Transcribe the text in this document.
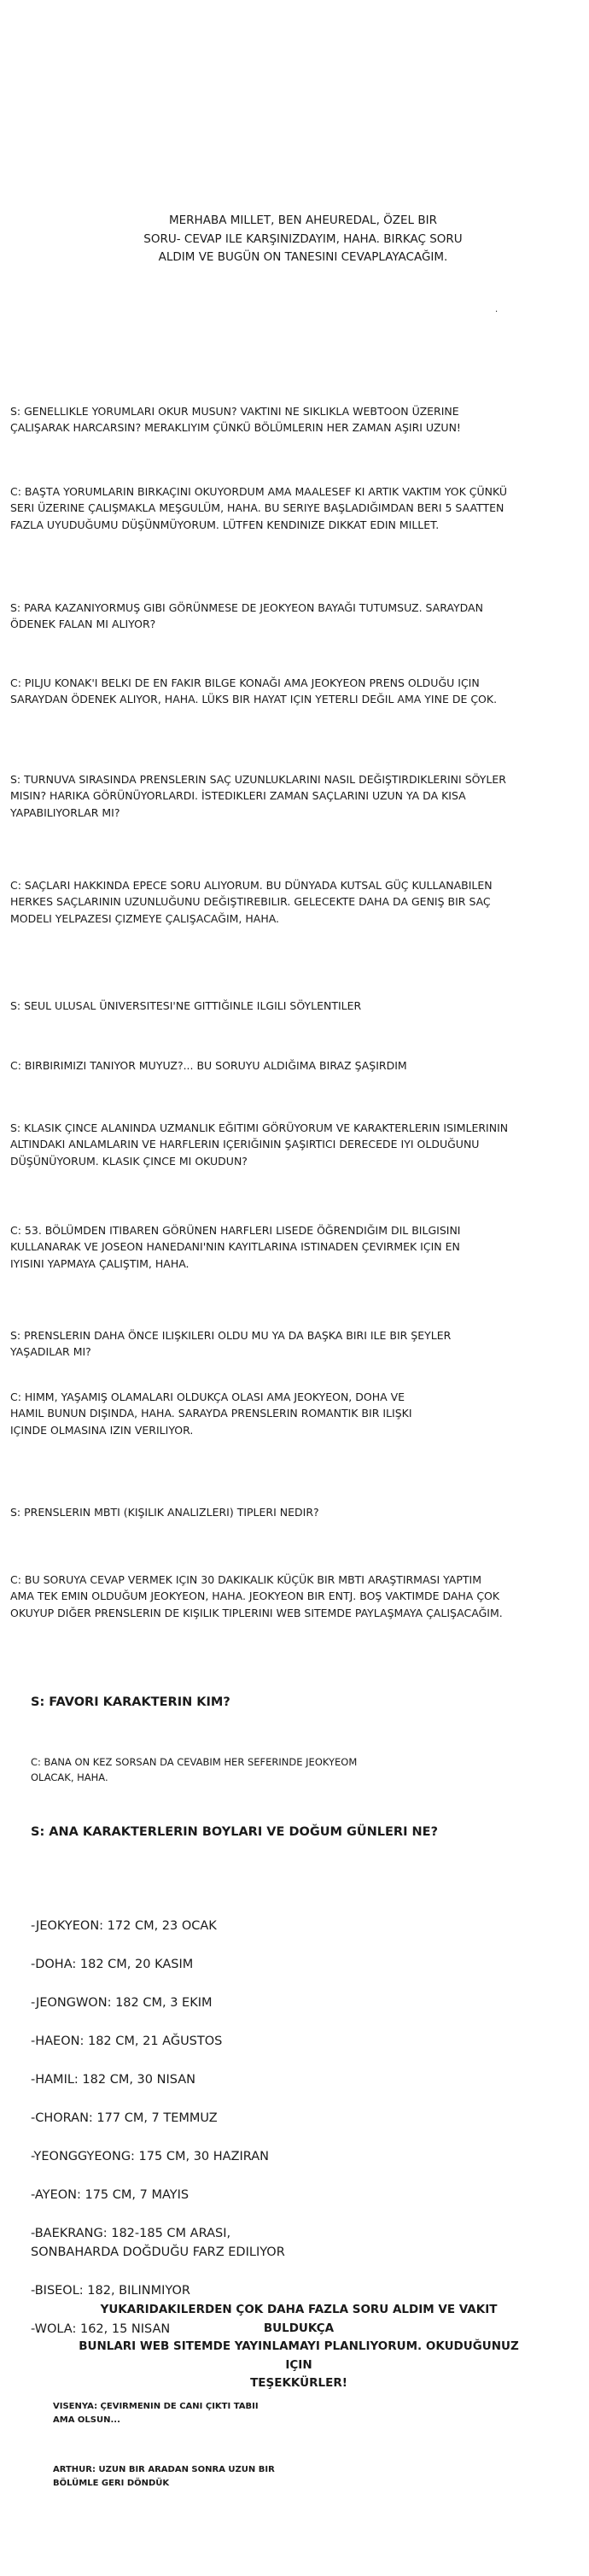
MERHABA MILLET, BEN AHEUREDAL, ÖZEL BIR
SORU- CEVAP ILE KARŞINIZDAYIM, HAHA. BIRKAÇ SORU
ALDIM VE BUGÜN ON TANESINI CEVAPLAYACAĞIM.
.
S: GENELLIKLE YORUMLARI OKUR MUSUN? VAKTINI NE SIKLIKLA WEBTOON ÜZERINE
ÇALIŞARAK HARCARSIN? MERAKLIYIM ÇÜNKÜ BÖLÜMLERIN HER ZAMAN AŞIRI UZUN!
C: BAŞTА YORUMLARIN BIRKAÇINI OKUYORDUM AMA MAALESEF KI ARTIK VAKTIM YOK ÇÜNKÜ
SERI ÜZERINE ÇALIŞMAKLA MEŞGULÜM, HAHA. BU SERIYE BAŞLADIĞIMDAN BERI 5 SAATTEN
FAZLA UYUDUĞUMU DÜŞÜNMÜYORUM. LÜTFEN KENDINIZE DIKKAT EDIN MILLET.
S: PARA KAZANIYORMUŞ GIBI GÖRÜNMESE DE JEOKYEON BAYAĞI TUTUMSUZ. SARAYDAN
ÖDENEK FALAN MI ALIYOR?
C: PILJU KONAK'I BELKI DE EN FAKIR BILGE KONAĞI AMA JEOKYEON PRENS OLDUĞU IÇIN
SARAYDAN ÖDENEK ALIYOR, HAHA. LÜKS BIR HAYAT IÇIN YETERLI DEĞIL AMA YINE DE ÇOK.
S: TURNUVA SIRASINDA PRENSLERIN SAÇ UZUNLUKLARINI NASIL DEĞIŞTIRDIKLERINI SÖYLER
MISIN? HARIKA GÖRÜNÜYORLARDI. İSTEDIKLERI ZAMAN SAÇLARINI UZUN YA DA KISA
YAPABILIYORLAR MI?
C: SAÇLARI HAKKINDA EPECE SORU ALIYORUM. BU DÜNYADA KUTSAL GÜÇ KULLANABILEN
HERKES SAÇLARININ UZUNLUĞUNU DEĞIŞTIREBILIR. GELECEKTE DAHA DA GENIŞ BIR SAÇ
MODELI YELPAZESI ÇIZMEYE ÇALIŞACAĞIM, HAHA.
S: SEUL ULUSAL ÜNIVERSITESI'NE GITTIĞINLE ILGILI SÖYLENTILER
C: BIRBIRIMIZI TANIYOR MUYUZ?... BU SORUYU ALDIĞIMA BIRAZ ŞAŞIRDIM
S: KLASIK ÇINCE ALANINDA UZMANLIK EĞITIMI GÖRÜYORUM VE KARAKTERLERIN ISIMLERININ
ALTINDAKI ANLAMLARIN VE HARFLERIN IÇERIĞININ ŞAŞIRTICI DERECEDE IYI OLDUĞUNU
DÜŞÜNÜYORUM. KLASIK ÇINCE MI OKUDUN?
C: 53. BÖLÜMDEN ITIBAREN GÖRÜNEN HARFLERI LISEDE ÖĞRENDIĞIM DIL BILGISINI
KULLANARAK VE JOSEON HANEDANI'NIN KAYITLARINA ISTINADEN ÇEVIRMEK IÇIN EN
IYISINI YAPMAYA ÇALIŞTIM, HAHA.
S: PRENSLERIN DAHA ÖNCE ILIŞKILERI OLDU MU YA DA BAŞKA BIRI ILE BIR ŞEYLER
YAŞADILAR MI?
C: HIMM, YAŞAMIŞ OLAMALARI OLDUKÇA OLASI AMA JEOKYEON, DOHA VE
HAMIL BUNUN DIŞINDA, HAHA. SARAYDA PRENSLERIN ROMANTIK BIR ILIŞKI
IÇINDE OLMASINA IZIN VERILIYOR.
S: PRENSLERIN MBTI (KIŞILIK ANALIZLERI) TIPLERI NEDIR?
C: BU SORUYA CEVAP VERMEK IÇIN 30 DAKIKALIK KÜÇÜK BIR MBTI ARAŞTIRMASI YAPTIM
AMA TEK EMIN OLDUĞUM JEOKYEON, HAHA. JEOKYEON BIR ENTJ. BOŞ VAKTIMDE DAHA ÇOK
OKUYUP DIĞER PRENSLERIN DE KIŞILIK TIPLERINI WEB SITEMDE PAYLAŞMAYA ÇALIŞACAĞIM.
S: FAVORI KARAKTERIN KIM?
C: BANA ON KEZ SORSAN DA CEVABIM HER SEFERINDE JEOKYEOM
OLACAK, HAHA.
S: ANA KARAKTERLERIN BOYLARI VE DOĞUM GÜNLERI NE?

-JEOKYEON: 172 CM, 23 OCAK

-DOHA: 182 CM, 20 KASIM

-JEONGWON: 182 CM, 3 EKIM

-HAEON: 182 CM, 21 AĞUSTOS

-HAMIL: 182 CM, 30 NISAN

-CHORAN: 177 CM, 7 TEMMUZ

-YEONGGYEONG: 175 CM, 30 HAZIRAN

-AYEON: 175 CM, 7 MAYIS

-BAEKRANG: 182-185 CM ARASI,
SONBAHARDA DOĞDUĞU FARZ EDILIYOR

-BISEOL: 182, BILINMIYOR

-WOLA: 162, 15 NISAN

YUKARIDAKILERDEN ÇOK DAHA FAZLA SORU ALDIM VE VAKIT BULDUKÇA
BUNLARI WEB SITEMDE YAYINLAMAYI PLANLIYORUM. OKUDUĞUNUZ IÇIN
TEŞEKKÜRLER!
VISENYA: ÇEVIRMENIN DE CANI ÇIKTI TABII
AMA OLSUN...
ARTHUR: UZUN BIR ARADAN SONRA UZUN BIR
BÖLÜMLE GERI DÖNDÜK
